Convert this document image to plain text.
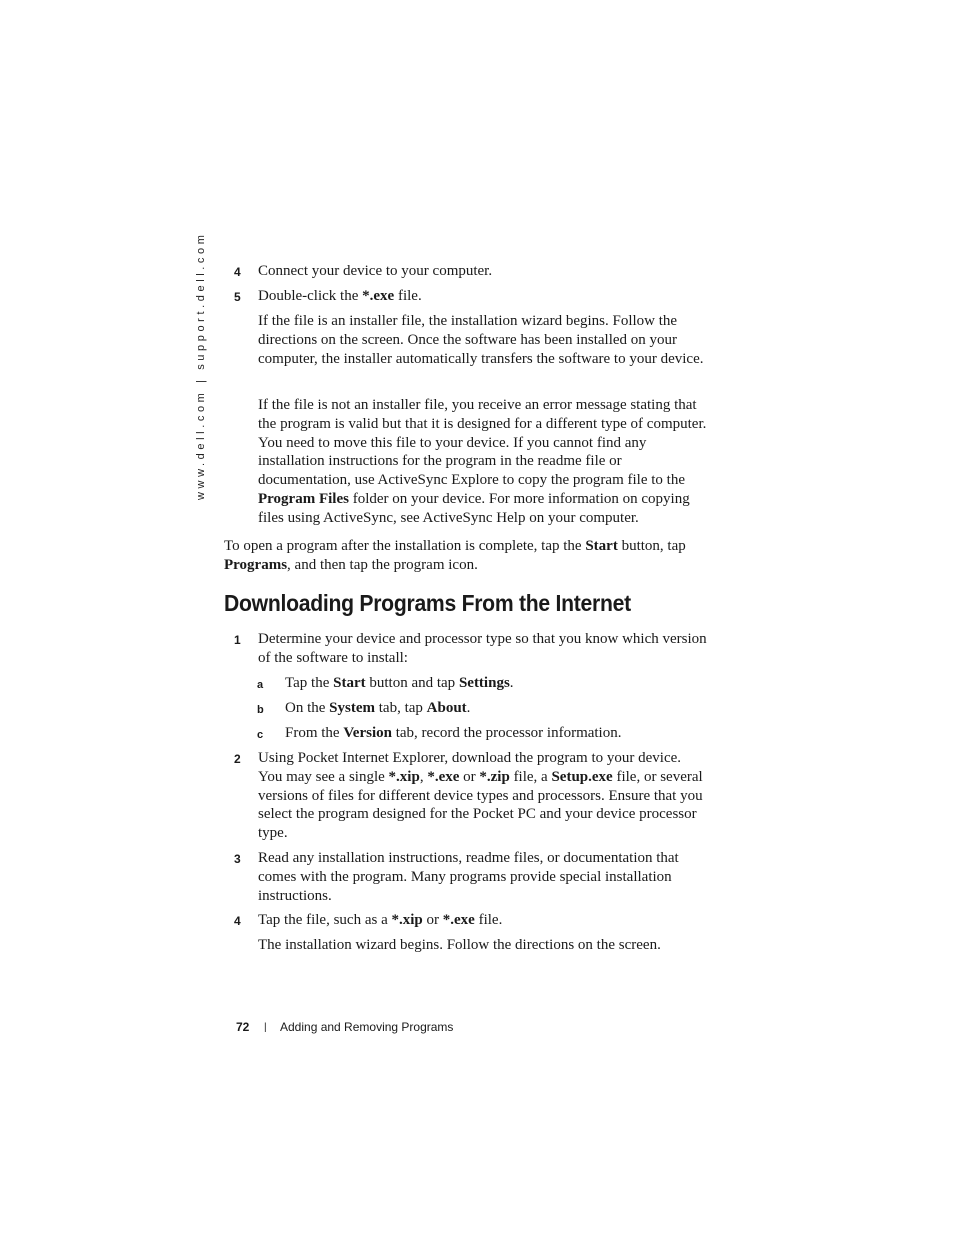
www.dell.com | support.dell.com 4 Connect your device to your computer.
5 Double-click the *.exe file.
If the file is an installer file, the installation wizard begins. Follow the directions on the screen. Once the software has been installed on your computer, the installer automatically transfers the software to your device.
If the file is not an installer file, you receive an error message stating that the program is valid but that it is designed for a different type of computer. You need to move this file to your device. If you cannot find any installation instructions for the program in the readme file or documentation, use ActiveSync Explore to copy the program file to the Program Files folder on your device. For more information on copying files using ActiveSync, see ActiveSync Help on your computer.
To open a program after the installation is complete, tap the Start button, tap Programs, and then tap the program icon.
Downloading Programs From the Internet
1 Determine your device and processor type so that you know which version of the software to install:
a Tap the Start button and tap Settings.
b On the System tab, tap About.
c From the Version tab, record the processor information.
2 Using Pocket Internet Explorer, download the program to your device. You may see a single *.xip, *.exe or *.zip file, a Setup.exe file, or several versions of files for different device types and processors. Ensure that you select the program designed for the Pocket PC and your device processor type.
3 Read any installation instructions, readme files, or documentation that comes with the program. Many programs provide special installation instructions.
4 Tap the file, such as a *.xip or *.exe file.
The installation wizard begins. Follow the directions on the screen.
72 | Adding and Removing Programs
